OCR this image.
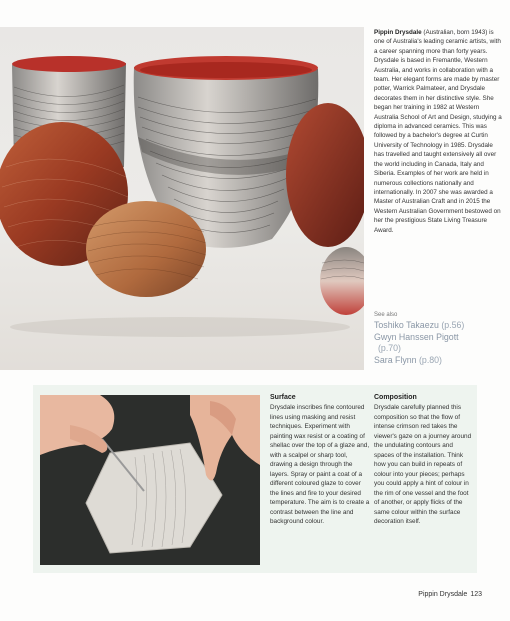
Pippin Drysdale (Australian, born 1943) is one of Australia's leading ceramic artists, with a career spanning more than forty years. Drysdale is based in Fremantle, Western Australia, and works in collaboration with a team. Her elegant forms are made by master potter, Warrick Palmateer, and Drysdale decorates them in her distinctive style. She began her training in 1982 at Western Australia School of Art and Design, studying a diploma in advanced ceramics. This was followed by a bachelor's degree at Curtin University of Technology in 1985. Drysdale has travelled and taught extensively all over the world including in Canada, Italy and Siberia. Examples of her work are held in numerous collections nationally and internationally. In 2007 she was awarded a Master of Australian Craft and in 2015 the Western Australian Government bestowed on her the prestigious State Living Treasure Award.
See also
Toshiko Takaezu (p.56)
Gwyn Hanssen Pigott
(p.70)
Sara Flynn (p.80)
Surface
Drysdale inscribes fine contoured lines using masking and resist techniques. Experiment with painting wax resist or a coating of shellac over the top of a glaze and, with a scalpel or sharp tool, drawing a design through the layers. Spray or paint a coat of a different coloured glaze to cover the lines and fire to your desired temperature. The aim is to create a contrast between the line and background colour.
Composition
Drysdale carefully planned this composition so that the flow of intense crimson red takes the viewer's gaze on a journey around the undulating contours and spaces of the installation. Think how you can build in repeats of colour into your pieces; perhaps you could apply a hint of colour in the rim of one vessel and the foot of another, or apply flicks of the same colour within the surface decoration itself.
Pippin Drysdale 123
